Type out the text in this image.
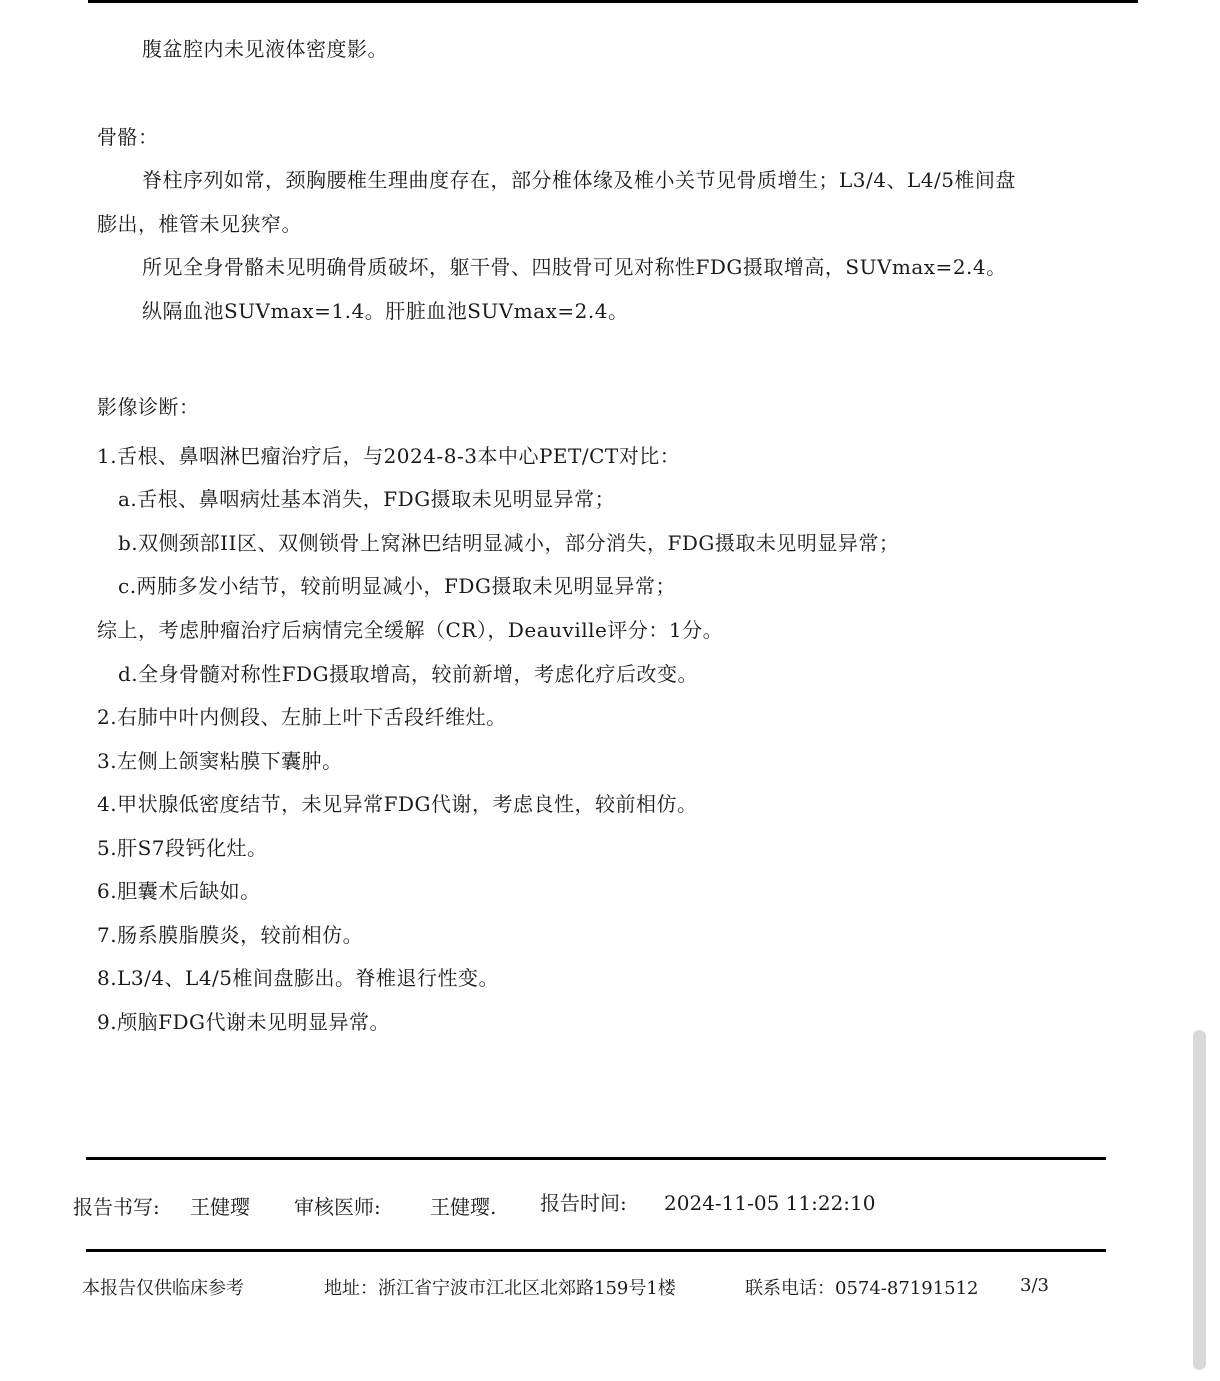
腹盆腔内未见液体密度影。
骨骼：
脊柱序列如常，颈胸腰椎生理曲度存在，部分椎体缘及椎小关节见骨质增生；L3/4、L4/5椎间盘
膨出，椎管未见狭窄。
所见全身骨骼未见明确骨质破坏，躯干骨、四肢骨可见对称性FDG摄取增高，SUVmax=2.4。
纵隔血池SUVmax=1.4。肝脏血池SUVmax=2.4。
影像诊断：
1.舌根、鼻咽淋巴瘤治疗后，与2024-8-3本中心PET/CT对比：
a.舌根、鼻咽病灶基本消失，FDG摄取未见明显异常；
b.双侧颈部II区、双侧锁骨上窝淋巴结明显减小，部分消失，FDG摄取未见明显异常；
c.两肺多发小结节，较前明显减小，FDG摄取未见明显异常；
综上，考虑肿瘤治疗后病情完全缓解（CR），Deauville评分：1分。
d.全身骨髓对称性FDG摄取增高，较前新增，考虑化疗后改变。
2.右肺中叶内侧段、左肺上叶下舌段纤维灶。
3.左侧上颌窦粘膜下囊肿。
4.甲状腺低密度结节，未见异常FDG代谢，考虑良性，较前相仿。
5.肝S7段钙化灶。
6.胆囊术后缺如。
7.肠系膜脂膜炎，较前相仿。
8.L3/4、L4/5椎间盘膨出。脊椎退行性变。
9.颅脑FDG代谢未见明显异常。
报告书写: 王健璎 审核医师: 王健璎. 报告时间: 2024-11-05 11:22:10
本报告仅供临床参考	地址：浙江省宁波市江北区北郊路159号1楼	联系电话：0574-87191512 3/3
